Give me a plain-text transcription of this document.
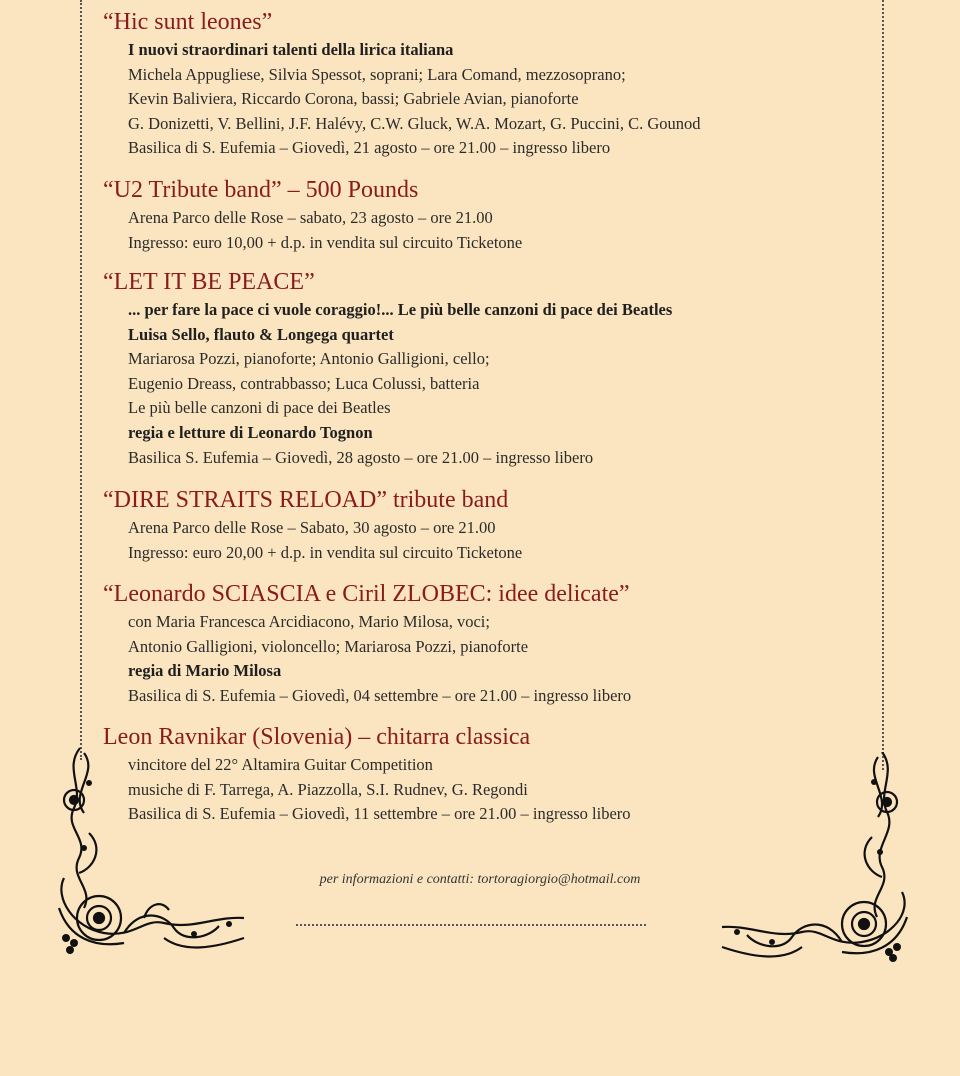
“Hic sunt leones”
I nuovi straordinari talenti della lirica italiana
Michela Appugliese, Silvia Spessot, soprani; Lara Comand, mezzosoprano;
Kevin Baliviera, Riccardo Corona, bassi; Gabriele Avian, pianoforte
G. Donizetti, V. Bellini, J.F. Halévy, C.W. Gluck, W.A. Mozart, G. Puccini, C. Gounod
Basilica di S. Eufemia – Giovedì, 21 agosto – ore 21.00 – ingresso libero
“U2 Tribute band” – 500 Pounds
Arena Parco delle Rose – sabato, 23 agosto – ore 21.00
Ingresso: euro 10,00 + d.p. in vendita sul circuito Ticketone
“LET IT BE PEACE”
... per fare la pace ci vuole coraggio!... Le più belle canzoni di pace dei Beatles
Luisa Sello, flauto & Longega quartet
Mariarosa Pozzi, pianoforte; Antonio Galligioni, cello;
Eugenio Dreass, contrabbasso; Luca Colussi, batteria
Le più belle canzoni di pace dei Beatles
regia e letture di Leonardo Tognon
Basilica S. Eufemia – Giovedì, 28 agosto – ore 21.00 – ingresso libero
“DIRE STRAITS RELOAD” tribute band
Arena Parco delle Rose – Sabato, 30 agosto – ore 21.00
Ingresso: euro 20,00 + d.p. in vendita sul circuito Ticketone
“Leonardo SCIASCIA e Ciril ZLOBEC: idee delicate”
con Maria Francesca Arcidiacono, Mario Milosa, voci;
Antonio Galligioni, violoncello; Mariarosa Pozzi, pianoforte
regia di Mario Milosa
Basilica di S. Eufemia – Giovedì, 04 settembre – ore 21.00 – ingresso libero
Leon Ravnikar (Slovenia) – chitarra classica
vincitore del 22° Altamira Guitar Competition
musiche di F. Tarrega, A. Piazzolla, S.I. Rudnev, G. Regondi
Basilica di S. Eufemia – Giovedì, 11 settembre – ore 21.00 – ingresso libero
per informazioni e contatti: tortoragiorgio@hotmail.com
